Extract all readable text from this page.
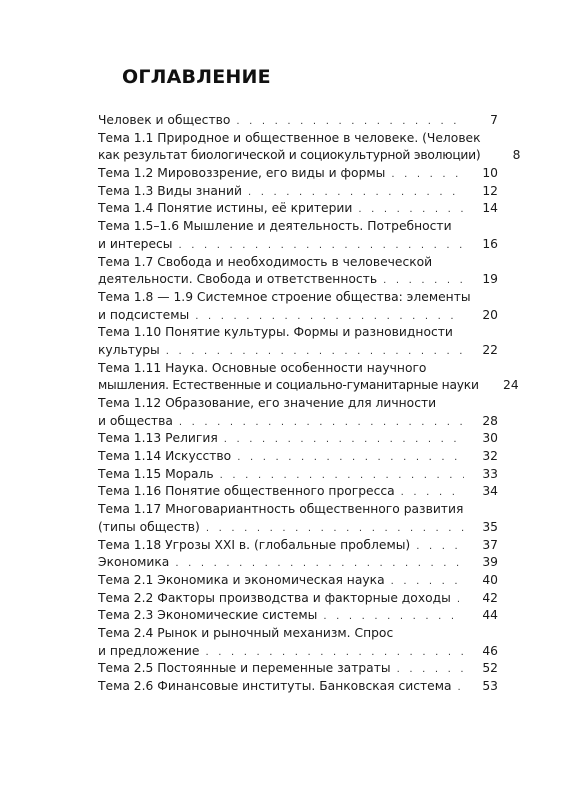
ОГЛАВЛЕНИЕ
Человек и общество . . .	7
Тема 1.1 Природное и общественное в человеке. (Человек
как результат биологической и социокультурной эволюции)	8
Тема 1.2 Мировоззрение, его виды и формы . . .	10
Тема 1.3 Виды знаний . . .	12
Тема 1.4 Понятие истины, её критерии . . .	14
Тема 1.5–1.6 Мышление и деятельность. Потребности
и интересы . . .	16
Тема 1.7 Свобода и необходимость в человеческой
деятельности. Свобода и ответственность . . .	19
Тема 1.8 — 1.9 Системное строение общества: элементы
и подсистемы . . .	20
Тема 1.10 Понятие культуры. Формы и разновидности
культуры . . .	22
Тема 1.11 Наука. Основные особенности научного
мышления. Естественные и социально-гуманитарные науки	24
Тема 1.12 Образование, его значение для личности
и общества . . .	28
Тема 1.13 Религия . . .	30
Тема 1.14 Искусство . . .	32
Тема 1.15 Мораль . . .	33
Тема 1.16 Понятие общественного прогресса . . .	34
Тема 1.17 Многовариантность общественного развития
(типы обществ) . . .	35
Тема 1.18 Угрозы XXI в. (глобальные проблемы) . . .	37
Экономика . . .	39
Тема 2.1 Экономика и экономическая наука . . .	40
Тема 2.2 Факторы производства и факторные доходы . . .	42
Тема 2.3 Экономические системы . . .	44
Тема 2.4 Рынок и рыночный механизм. Спрос
и предложение . . .	46
Тема 2.5 Постоянные и переменные затраты . . .	52
Тема 2.6 Финансовые институты. Банковская система . . .	53
